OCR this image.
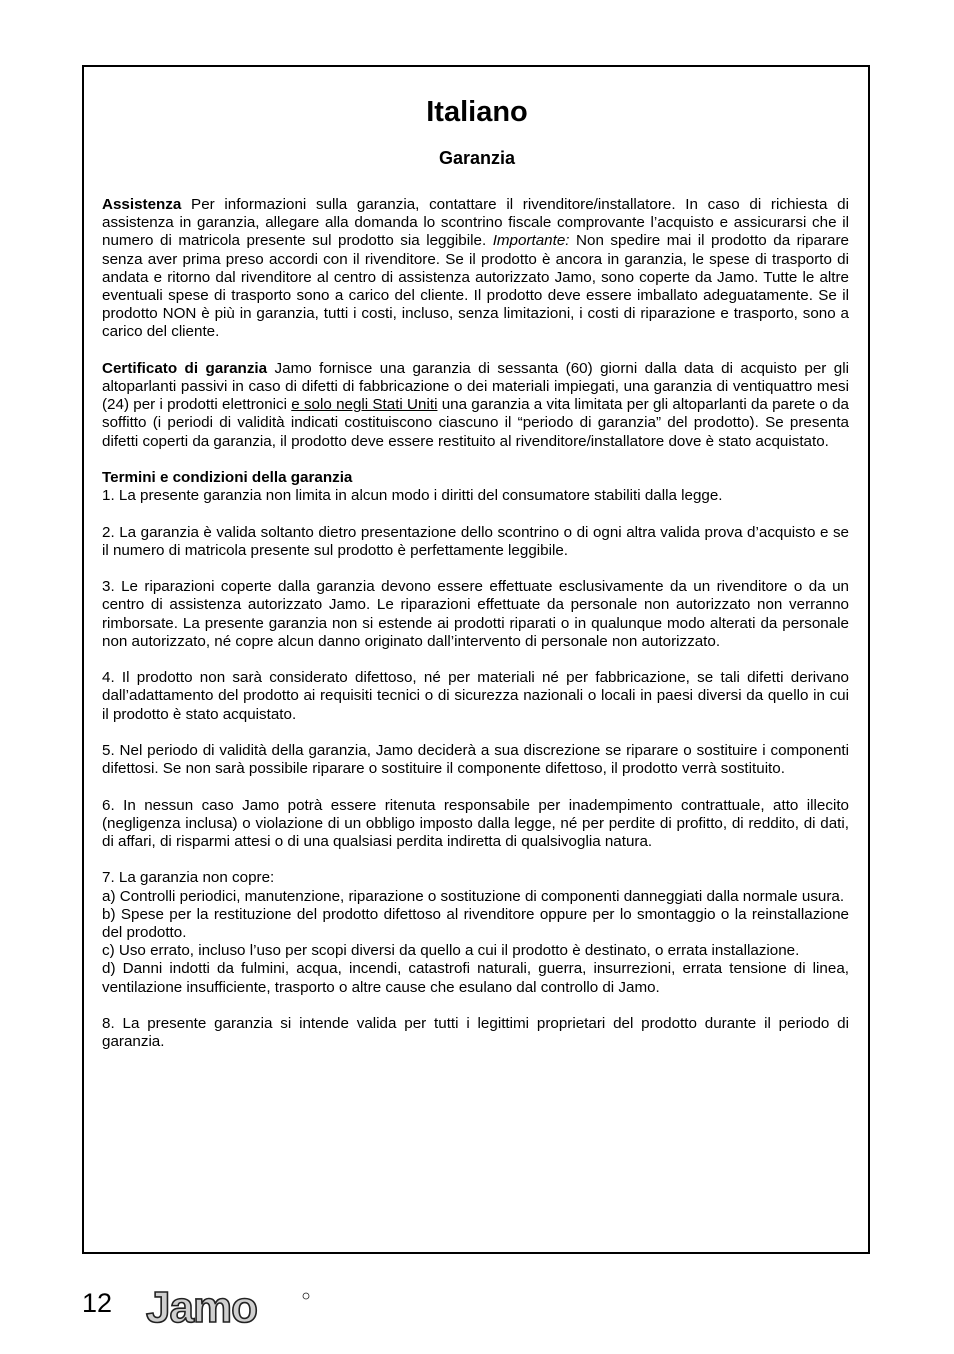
Italiano
Garanzia

Assistenza Per informazioni sulla garanzia, contattare il rivenditore/installatore. In caso di richiesta di assistenza in garanzia, allegare alla domanda lo scontrino fiscale comprovante l’acquisto e assicurarsi che il numero di matricola presente sul prodotto sia leggibile. Importante: Non spedire mai il prodotto da riparare senza aver prima preso accordi con il rivenditore. Se il prodotto è ancora in garanzia, le spese di trasporto di andata e ritorno dal rivenditore al centro di assistenza autorizzato Jamo, sono coperte da Jamo. Tutte le altre eventuali spese di trasporto sono a carico del cliente. Il prodotto deve essere imballato adeguatamente. Se il prodotto NON è più in garanzia, tutti i costi, incluso, senza limitazioni, i costi di riparazione e trasporto, sono a carico del cliente.

Certificato di garanzia Jamo fornisce una garanzia di sessanta (60) giorni dalla data di acquisto per gli altoparlanti passivi in caso di difetti di fabbricazione o dei materiali impiegati, una garanzia di ventiquattro mesi (24) per i prodotti elettronici e solo negli Stati Uniti una garanzia a vita limitata per gli altoparlanti da parete o da soffitto (i periodi di validità indicati costituiscono ciascuno il “periodo di garanzia” del prodotto). Se presenta difetti coperti da garanzia, il prodotto deve essere restituito al rivenditore/installatore dove è stato acquistato.

Termini e condizioni della garanzia

1. La presente garanzia non limita in alcun modo i diritti del consumatore stabiliti dalla legge.

2. La garanzia è valida soltanto dietro presentazione dello scontrino o di ogni altra valida prova d’acquisto e se il numero di matricola presente sul prodotto è perfettamente leggibile.

3. Le riparazioni coperte dalla garanzia devono essere effettuate esclusivamente da un rivenditore o da un centro di assistenza autorizzato Jamo. Le riparazioni effettuate da personale non autorizzato non verranno rimborsate. La presente garanzia non si estende ai prodotti riparati o in qualunque modo alterati da personale non autorizzato, né copre alcun danno originato dall’intervento di personale non autorizzato.

4. Il prodotto non sarà considerato difettoso, né per materiali né per fabbricazione, se tali difetti derivano dall’adattamento del prodotto ai requisiti tecnici o di sicurezza nazionali o locali in paesi diversi da quello in cui il prodotto è stato acquistato.

5. Nel periodo di validità della garanzia, Jamo deciderà a sua discrezione se riparare o sostituire i componenti difettosi. Se non sarà possibile riparare o sostituire il componente difettoso, il prodotto verrà sostituito.

6. In nessun caso Jamo potrà essere ritenuta responsabile per inadempimento contrattuale, atto illecito (negligenza inclusa) o violazione di un obbligo imposto dalla legge, né per perdite di profitto, di reddito, di dati, di affari, di risparmi attesi o di una qualsiasi perdita indiretta di qualsivoglia natura.

7. La garanzia non copre:

a) Controlli periodici, manutenzione, riparazione o sostituzione di componenti danneggiati dalla normale usura.

b) Spese per la restituzione del prodotto difettoso al rivenditore oppure per lo smontaggio o la reinstallazione del prodotto.

c) Uso errato, incluso l’uso per scopi diversi da quello a cui il prodotto è destinato, o errata installazione.

d) Danni indotti da fulmini, acqua, incendi, catastrofi naturali, guerra, insurrezioni, errata tensione di linea, ventilazione insufficiente, trasporto o altre cause che esulano dal controllo di Jamo.

8. La presente garanzia si intende valida per tutti i legittimi proprietari del prodotto durante il periodo di garanzia.

12 Jamo
